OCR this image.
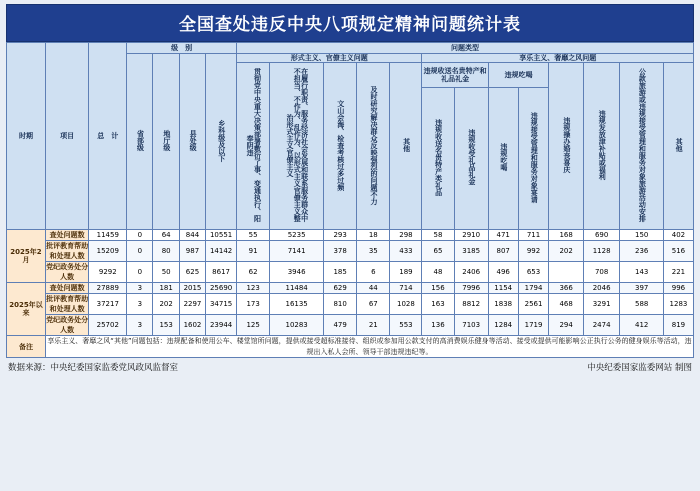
全国查处违反中央八项规定精神问题统计表
时期	项目	总　计	级　别				问题类型												
			省部级	地厅级	县处级	乡科级及以下	形式主义、官僚主义问题					享乐主义、奢靡之风问题							
							贯彻党中央重大决策部署敷衍了事、变通执行、阳奉阴违	在履行职责、服务经济社会发展和联系服务群众中不担当、不作为、乱作为、以形式主义官僚主义整治形式主义官僚主义	文山会海、检查考核过多过频	及时研究解决群众反映强烈的问题不力	其他	违规收送名贵特产和礼品礼金		违规吃喝		违规操办婚丧喜庆	违规发放津补贴或福利	公款旅游或违规接受管理和服务对象旅游活动安排	其他
												违规收送名贵特产类礼品	违规收受礼品礼金	违规吃喝	违规接受管理和服务对象宴请				
2025年2月	查处问题数	11459	0	64	844	10551	55	5235	293	18	298	58	2910	471	711	168	690	150	402
	批评教育帮助和处理人数	15209	0	80	987	14142	91	7141	378	35	433	65	3185	807	992	202	1128	236	516
	党纪政务处分人数	9292	0	50	625	8617	62	3946	185	6	189	48	2406	496	653		708	143	221
2025年以来	查处问题数	27889	3	181	2015	25690	123	11484	629	44	714	156	7996	1154	1794	366	2046	397	996
	批评教育帮助和处理人数	37217	3	202	2297	34715	173	16135	810	67	1028	163	8812	1838	2561	468	3291	588	1283
	党纪政务处分人数	25702	3	153	1602	23944	125	10283	479	21	553	136	7103	1284	1719	294	2474	412	819
备注	享乐主义、奢靡之风“其他”问题包括：违规配备和使用公车、楼堂馆所问题，提供或接受超标准接待、组织或参加用公款支付的高消费娱乐健身等活动、接受或提供可能影响公正执行公务的健身娱乐等活动，违规出入私人会所、领导干部违规违纪等。																		
数据来源：中央纪委国家监委党风政风监督室	中央纪委国家监委网站 制图
